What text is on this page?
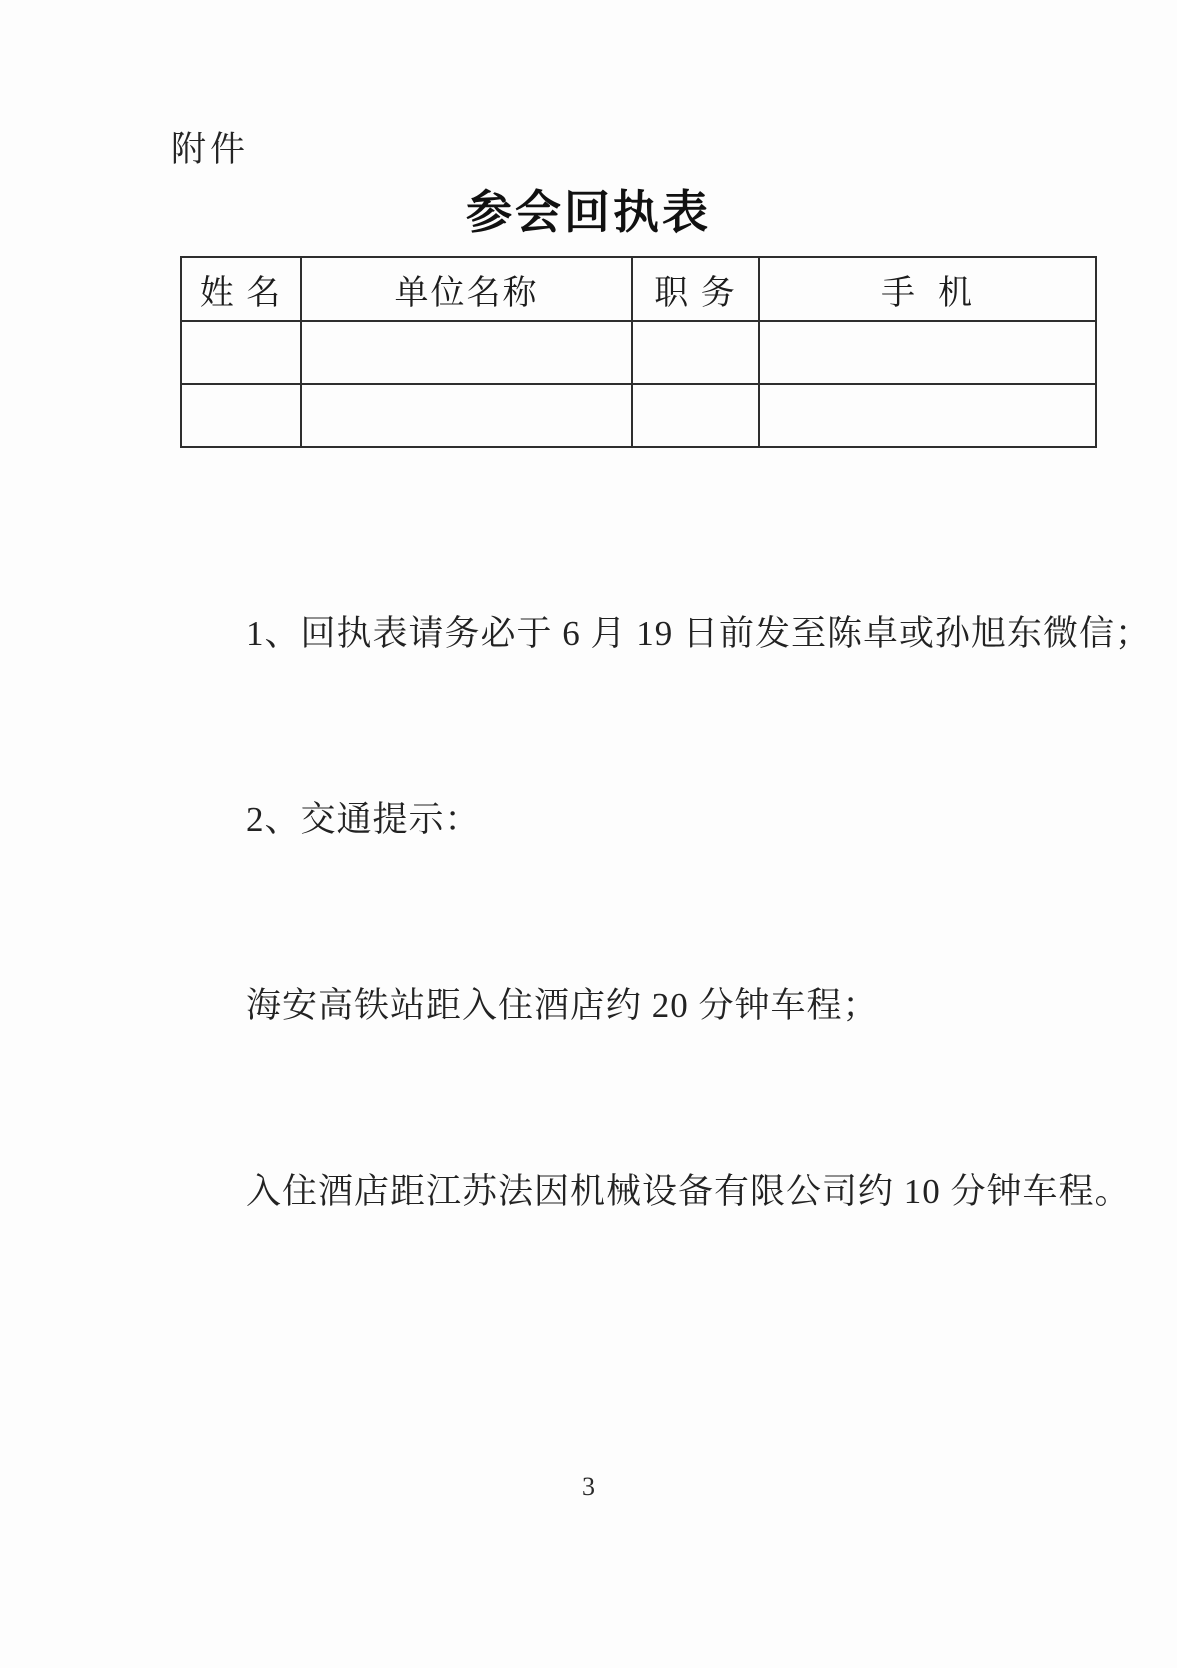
附件
参会回执表
姓 名	单位名称	职 务	手  机

1、回执表请务必于 6 月 19 日前发至陈卓或孙旭东微信；

2、交通提示：

海安高铁站距入住酒店约 20 分钟车程；

入住酒店距江苏法因机械设备有限公司约 10 分钟车程。

3
